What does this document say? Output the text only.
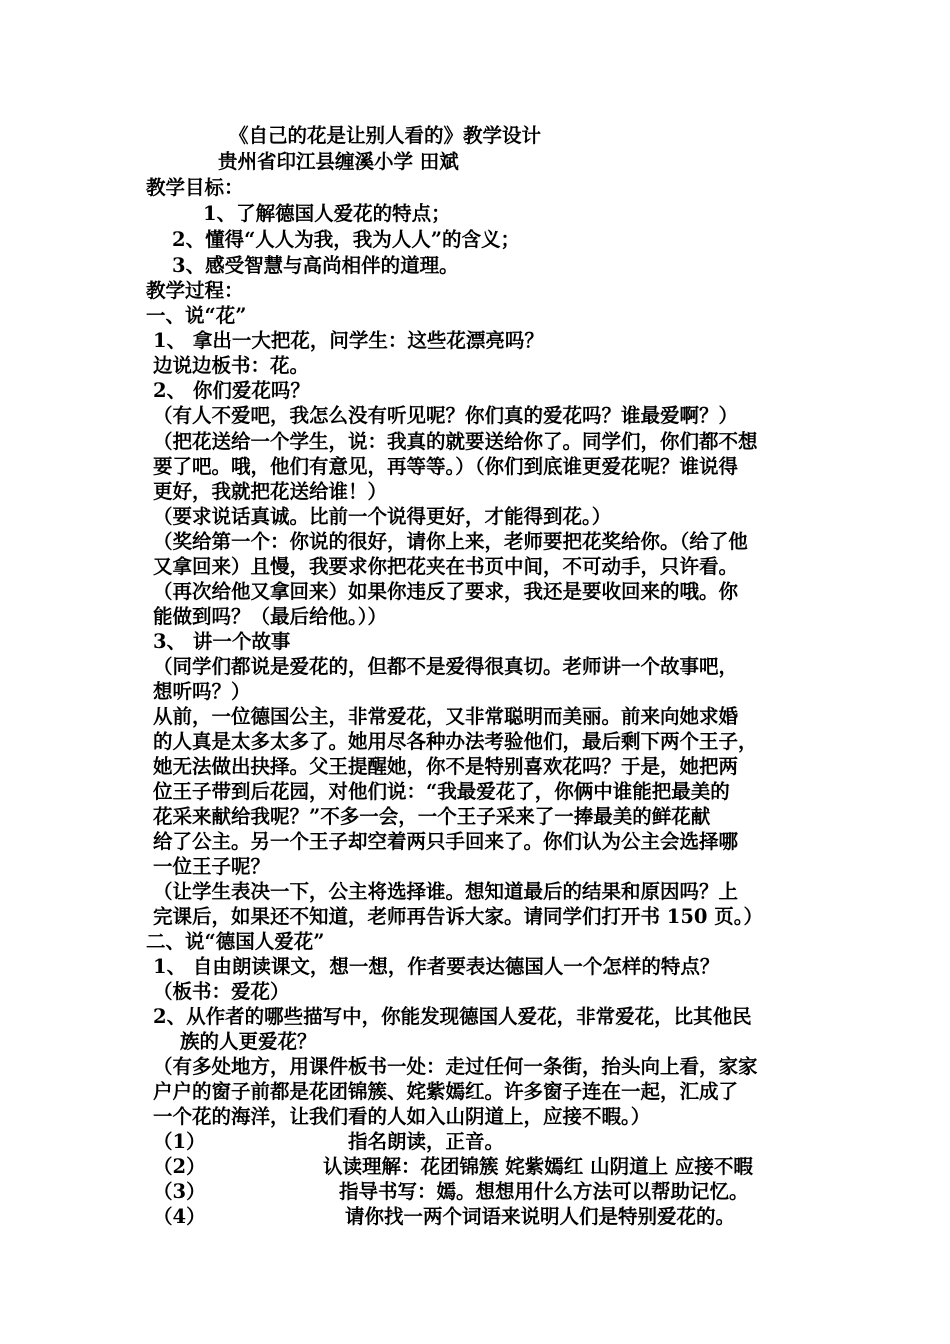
《自己的花是让别人看的》教学设计
贵州省印江县缠溪小学 田斌
教学目标：
1、了解德国人爱花的特点；
2、懂得“人人为我，我为人人”的含义；
3、感受智慧与高尚相伴的道理。
教学过程：
一、说“花”
1、 拿出一大把花，问学生：这些花漂亮吗？
边说边板书：花。
2、 你们爱花吗？
（有人不爱吧，我怎么没有听见呢？你们真的爱花吗？谁最爱啊？）
（把花送给一个学生，说：我真的就要送给你了。同学们，你们都不想
要了吧。哦，他们有意见，再等等。）（你们到底谁更爱花呢？谁说得
更好，我就把花送给谁！）
（要求说话真诚。比前一个说得更好，才能得到花。）
（奖给第一个：你说的很好，请你上来，老师要把花奖给你。（给了他
又拿回来）且慢，我要求你把花夹在书页中间，不可动手，只许看。
（再次给他又拿回来）如果你违反了要求，我还是要收回来的哦。你
能做到吗？（最后给他。））
3、 讲一个故事
（同学们都说是爱花的，但都不是爱得很真切。老师讲一个故事吧，
想听吗？）
从前，一位德国公主，非常爱花，又非常聪明而美丽。前来向她求婚
的人真是太多太多了。她用尽各种办法考验他们，最后剩下两个王子，
她无法做出抉择。父王提醒她，你不是特别喜欢花吗？于是，她把两
位王子带到后花园，对他们说：“我最爱花了，你俩中谁能把最美的
花采来献给我呢？”不多一会，一个王子采来了一捧最美的鲜花献
给了公主。另一个王子却空着两只手回来了。你们认为公主会选择哪
一位王子呢？
（让学生表决一下，公主将选择谁。想知道最后的结果和原因吗？上
完课后，如果还不知道，老师再告诉大家。请同学们打开书 150 页。）
二、说“德国人爱花”
1、 自由朗读课文，想一想，作者要表达德国人一个怎样的特点？
（板书：爱花）
2、从作者的哪些描写中，你能发现德国人爱花，非常爱花，比其他民
族的人更爱花？
（有多处地方，用课件板书一处：走过任何一条街，抬头向上看，家家
户户的窗子前都是花团锦簇、姹紫嫣红。许多窗子连在一起，汇成了
一个花的海洋，让我们看的人如入山阴道上，应接不暇。）
（1）	指名朗读，正音。
（2）	认读理解：花团锦簇 姹紫嫣红 山阴道上 应接不暇
（3）	指导书写：嫣。想想用什么方法可以帮助记忆。
（4）	请你找一两个词语来说明人们是特别爱花的。
